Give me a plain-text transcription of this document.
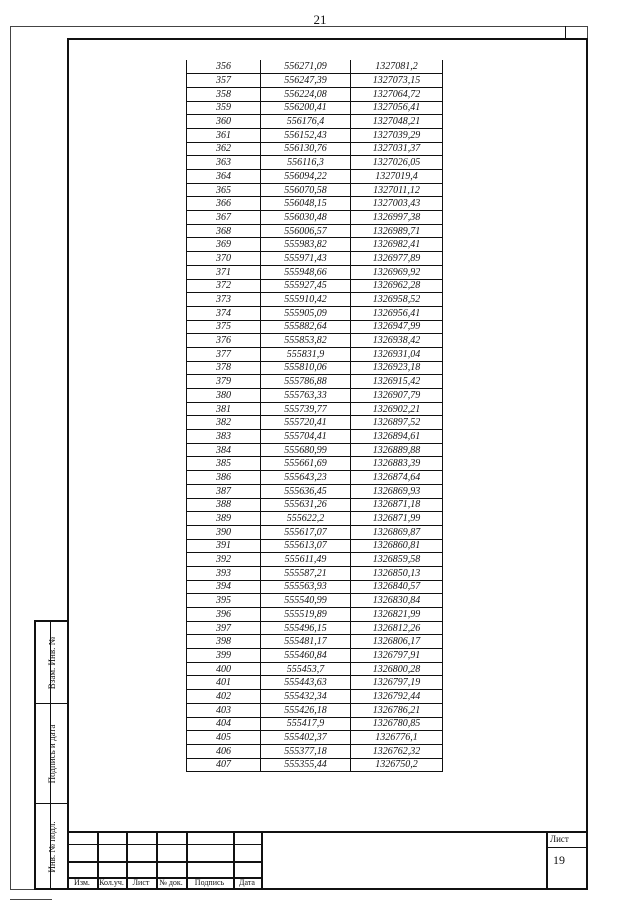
21
Взам. Инв. №
Подпись и дата
Инв. № подл.
356	556271,09	1327081,2
357	556247,39	1327073,15
358	556224,08	1327064,72
359	556200,41	1327056,41
360	556176,4	1327048,21
361	556152,43	1327039,29
362	556130,76	1327031,37
363	556116,3	1327026,05
364	556094,22	1327019,4
365	556070,58	1327011,12
366	556048,15	1327003,43
367	556030,48	1326997,38
368	556006,57	1326989,71
369	555983,82	1326982,41
370	555971,43	1326977,89
371	555948,66	1326969,92
372	555927,45	1326962,28
373	555910,42	1326958,52
374	555905,09	1326956,41
375	555882,64	1326947,99
376	555853,82	1326938,42
377	555831,9	1326931,04
378	555810,06	1326923,18
379	555786,88	1326915,42
380	555763,33	1326907,79
381	555739,77	1326902,21
382	555720,41	1326897,52
383	555704,41	1326894,61
384	555680,99	1326889,88
385	555661,69	1326883,39
386	555643,23	1326874,64
387	555636,45	1326869,93
388	555631,26	1326871,18
389	555622,2	1326871,99
390	555617,07	1326869,87
391	555613,07	1326860,81
392	555611,49	1326859,58
393	555587,21	1326850,13
394	555563,93	1326840,57
395	555540,99	1326830,84
396	555519,89	1326821,99
397	555496,15	1326812,26
398	555481,17	1326806,17
399	555460,84	1326797,91
400	555453,7	1326800,28
401	555443,63	1326797,19
402	555432,34	1326792,44
403	555426,18	1326786,21
404	555417,9	1326780,85
405	555402,37	1326776,1
406	555377,18	1326762,32
407	555355,44	1326750,2
Изм.	Кол.уч.	Лист	№ док.	Подпись	Дата
Лист
19
